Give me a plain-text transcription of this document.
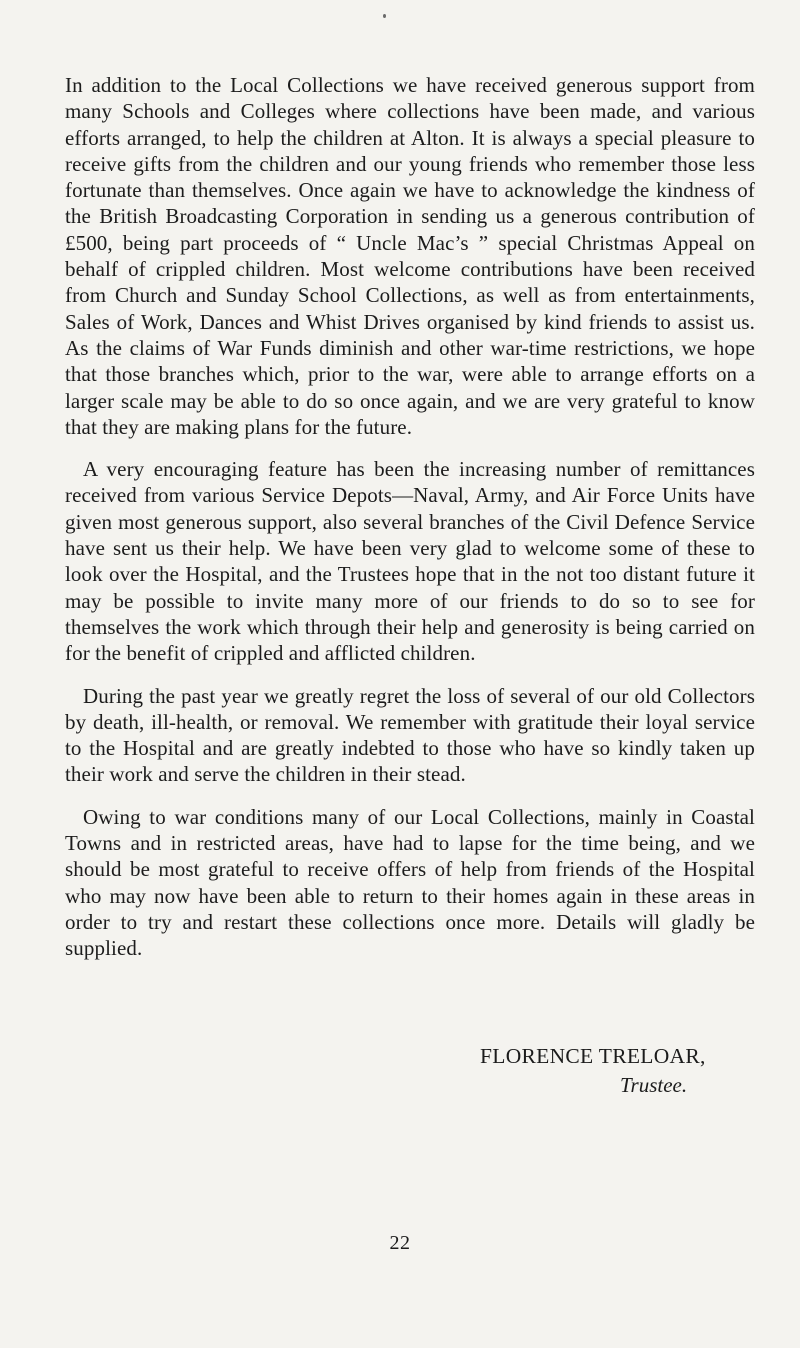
In addition to the Local Collections we have received generous support from many Schools and Colleges where collections have been made, and various efforts arranged, to help the children at Alton. It is always a special pleasure to receive gifts from the children and our young friends who remember those less fortunate than themselves. Once again we have to acknowledge the kindness of the British Broadcasting Corporation in sending us a generous contribution of £500, being part proceeds of “ Uncle Mac’s ” special Christmas Appeal on behalf of crippled children. Most welcome contributions have been received from Church and Sunday School Collections, as well as from entertainments, Sales of Work, Dances and Whist Drives organised by kind friends to assist us. As the claims of War Funds diminish and other war-time restrictions, we hope that those branches which, prior to the war, were able to arrange efforts on a larger scale may be able to do so once again, and we are very grateful to know that they are making plans for the future.

A very encouraging feature has been the increasing number of remittances received from various Service Depots—Naval, Army, and Air Force Units have given most generous support, also several branches of the Civil Defence Service have sent us their help. We have been very glad to welcome some of these to look over the Hospital, and the Trustees hope that in the not too distant future it may be possible to invite many more of our friends to do so to see for themselves the work which through their help and generosity is being carried on for the benefit of crippled and afflicted children.

During the past year we greatly regret the loss of several of our old Collectors by death, ill-health, or removal. We remember with gratitude their loyal service to the Hospital and are greatly indebted to those who have so kindly taken up their work and serve the children in their stead.

Owing to war conditions many of our Local Collections, mainly in Coastal Towns and in restricted areas, have had to lapse for the time being, and we should be most grateful to receive offers of help from friends of the Hospital who may now have been able to return to their homes again in these areas in order to try and restart these collections once more. Details will gladly be supplied.

FLORENCE TRELOAR,

Trustee.

22
